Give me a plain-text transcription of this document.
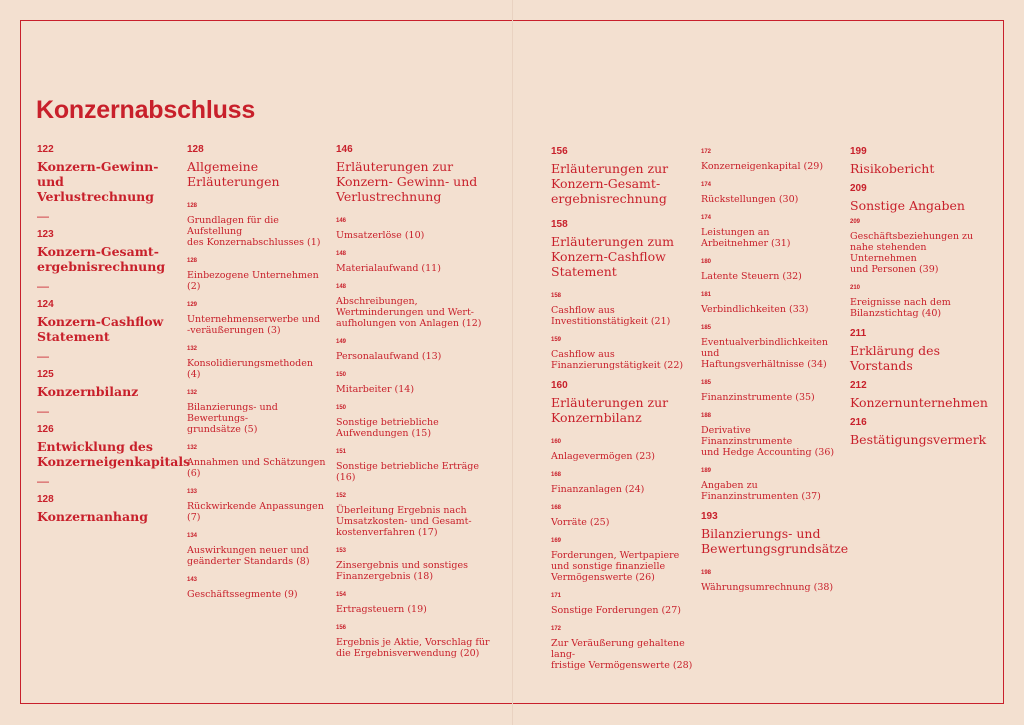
Konzernabschluss
122
Konzern-Gewinn- und
Verlustrechnung
—
123
Konzern-Gesamt-
ergebnisrechnung
—
124
Konzern-Cashflow
Statement
—
125
Konzernbilanz
—
126
Entwicklung des
Konzerneigenkapitals
—
128
Konzernanhang
128
Allgemeine
Erläuterungen
128
Grundlagen für die Aufstellung
des Konzernabschlusses (1)
128
Einbezogene Unternehmen (2)
129
Unternehmenserwerbe und
-veräußerungen (3)
132
Konsolidierungsmethoden (4)
132
Bilanzierungs- und Bewertungs-
grundsätze (5)
132
Annahmen und Schätzungen (6)
133
Rückwirkende Anpassungen (7)
134
Auswirkungen neuer und
geänderter Standards (8)
143
Geschäftssegmente (9)
146
Erläuterungen zur
Konzern- Gewinn- und
Verlustrechnung
146
Umsatzerlöse (10)
148
Materialaufwand (11)
148
Abschreibungen,
Wertminderungen und Wert-
aufholungen von Anlagen (12)
149
Personalaufwand (13)
150
Mitarbeiter (14)
150
Sonstige betriebliche
Aufwendungen (15)
151
Sonstige betriebliche Erträge (16)
152
Überleitung Ergebnis nach
Umsatzkosten- und Gesamt-
kostenverfahren (17)
153
Zinsergebnis und sonstiges
Finanzergebnis (18)
154
Ertragsteuern (19)
156
Ergebnis je Aktie, Vorschlag für
die Ergebnisverwendung (20)
156
Erläuterungen zur
Konzern-Gesamt-
ergebnisrechnung
158
Erläuterungen zum
Konzern-Cashflow
Statement
158
Cashflow aus
Investitionstätigkeit (21)
159
Cashflow aus
Finanzierungstätigkeit (22)
160
Erläuterungen zur
Konzernbilanz
160
Anlagevermögen (23)
168
Finanzanlagen (24)
168
Vorräte (25)
169
Forderungen, Wertpapiere
und sonstige finanzielle
Vermögenswerte (26)
171
Sonstige Forderungen (27)
172
Zur Veräußerung gehaltene lang-
fristige Vermögenswerte (28)
172
Konzerneigenkapital (29)
174
Rückstellungen (30)
174
Leistungen an
Arbeitnehmer (31)
180
Latente Steuern (32)
181
Verbindlichkeiten (33)
185
Eventualverbindlichkeiten und
Haftungsverhältnisse (34)
185
Finanzinstrumente (35)
188
Derivative Finanzinstrumente
und Hedge Accounting (36)
189
Angaben zu
Finanzinstrumenten (37)
193
Bilanzierungs- und
Bewertungsgrundsätze
198
Währungsumrechnung (38)
199
Risikobericht
209
Sonstige Angaben
209
Geschäftsbeziehungen zu
nahe stehenden Unternehmen
und Personen (39)
210
Ereignisse nach dem
Bilanzstichtag (40)
211
Erklärung des
Vorstands
212
Konzernunternehmen
216
Bestätigungsvermerk
